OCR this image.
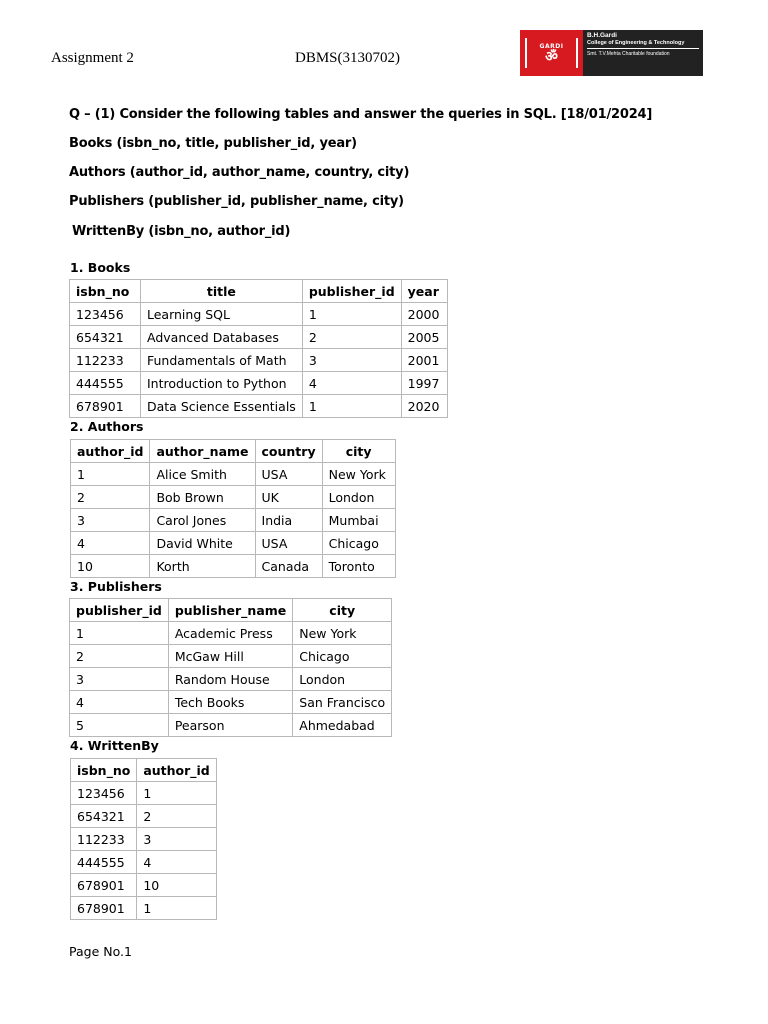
Assignment 2	DBMS(3130702)
GARDI
ॐ
B.H.Gardi
College of Engineering & Technology
Smt. T.V.Mehta Charitable foundation
Q – (1) Consider the following tables and answer the queries in SQL. [18/01/2024]
Books (isbn_no, title, publisher_id, year)
Authors (author_id, author_name, country, city)
Publishers (publisher_id, publisher_name, city)
WrittenBy (isbn_no, author_id)
1. Books
isbn_no	title	publisher_id	year
123456	Learning SQL	1	2000
654321	Advanced Databases	2	2005
112233	Fundamentals of Math	3	2001
444555	Introduction to Python	4	1997
678901	Data Science Essentials	1	2020
2. Authors
author_id	author_name	country	city
1	Alice Smith	USA	New York
2	Bob Brown	UK	London
3	Carol Jones	India	Mumbai
4	David White	USA	Chicago
10	Korth	Canada	Toronto
3. Publishers
publisher_id	publisher_name	city
1	Academic Press	New York
2	McGaw Hill	Chicago
3	Random House	London
4	Tech Books	San Francisco
5	Pearson	Ahmedabad
4. WrittenBy
isbn_no	author_id
123456	1
654321	2
112233	3
444555	4
678901	10
678901	1
Page No.1
